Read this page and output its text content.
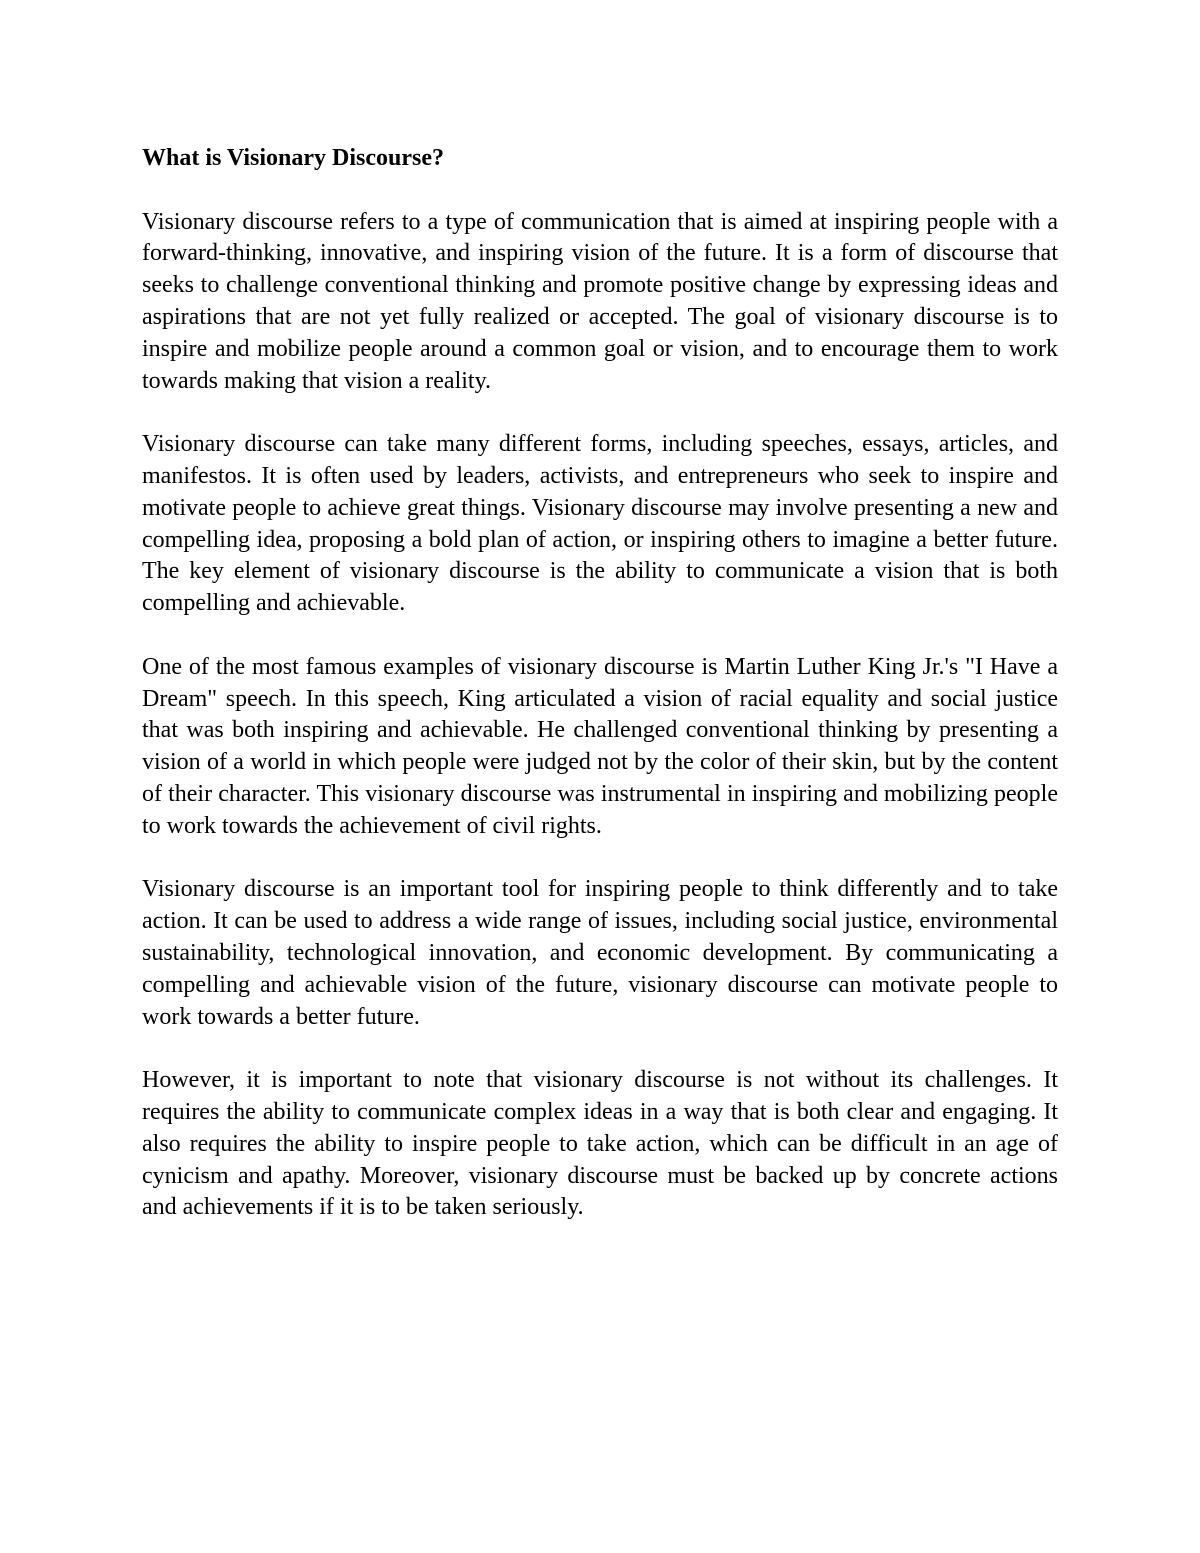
What is Visionary Discourse?

Visionary discourse refers to a type of communication that is aimed at inspiring people with a forward-thinking, innovative, and inspiring vision of the future. It is a form of discourse that seeks to challenge conventional thinking and promote positive change by expressing ideas and aspirations that are not yet fully realized or accepted. The goal of visionary discourse is to inspire and mobilize people around a common goal or vision, and to encourage them to work towards making that vision a reality.

Visionary discourse can take many different forms, including speeches, essays, articles, and manifestos. It is often used by leaders, activists, and entrepreneurs who seek to inspire and motivate people to achieve great things. Visionary discourse may involve presenting a new and compelling idea, proposing a bold plan of action, or inspiring others to imagine a better future. The key element of visionary discourse is the ability to communicate a vision that is both compelling and achievable.

One of the most famous examples of visionary discourse is Martin Luther King Jr.'s "I Have a Dream" speech. In this speech, King articulated a vision of racial equality and social justice that was both inspiring and achievable. He challenged conventional thinking by presenting a vision of a world in which people were judged not by the color of their skin, but by the content of their character. This visionary discourse was instrumental in inspiring and mobilizing people to work towards the achievement of civil rights.

Visionary discourse is an important tool for inspiring people to think differently and to take action. It can be used to address a wide range of issues, including social justice, environmental sustainability, technological innovation, and economic development. By communicating a compelling and achievable vision of the future, visionary discourse can motivate people to work towards a better future.

However, it is important to note that visionary discourse is not without its challenges. It requires the ability to communicate complex ideas in a way that is both clear and engaging. It also requires the ability to inspire people to take action, which can be difficult in an age of cynicism and apathy. Moreover, visionary discourse must be backed up by concrete actions and achievements if it is to be taken seriously.
